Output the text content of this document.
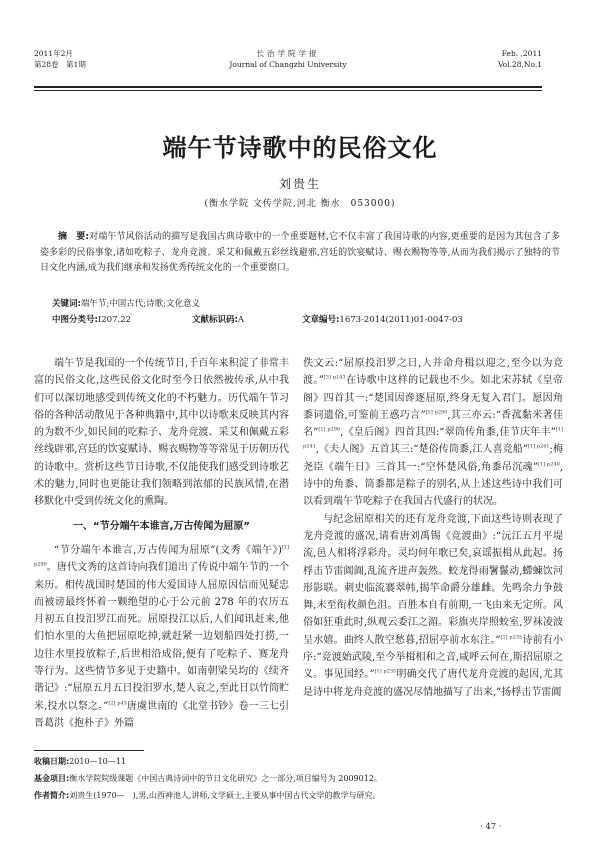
2011年2月
第28卷　第1期
长治学院学报
Journal of Changzhi University
Feb. ,2011
Vol.28,No.1
端午节诗歌中的民俗文化
刘贵生
(衡水学院 文传学院,河北 衡水　053000)
摘　要:对端午节风俗活动的描写是我国古典诗歌中的一个重要题材,它不仅丰富了我国诗歌的内容,更重要的是因为其包含了多姿多彩的民俗事象,诸如吃粽子、龙舟竞渡、采艾和佩戴五彩丝线避邪,宫廷的饮宴赋诗、赐衣赐物等等,从而为我们揭示了独特的节日文化内涵,成为我们继承和发扬优秀传统文化的一个重要窗口。
关键词:端午节;中国古代;诗歌;文化意义
中图分类号:I207.22	文献标识码:A	文章编号:1673-2014(2011)01-0047-03

端午节是我国的一个传统节日,千百年来积淀了非常丰富的民俗文化,这些民俗文化时至今日依然被传承,从中我们可以深切地感受到传统文化的不朽魅力。历代端午节习俗的各种活动散见于各种典籍中,其中以诗歌来反映其内容的为数不少,如民间的吃粽子、龙舟竞渡、采艾和佩戴五彩丝线辟邪,宫廷的饮宴赋诗、赐衣赐物等等常见于历朝历代的诗歌中。赏析这些节日诗歌,不仅能使我们感受到诗歌艺术的魅力,同时也更能让我们领略到浓郁的民族风情,在潜移默化中受到传统文化的熏陶。

一、“节分端午本谁言,万古传闻为屈原”

“节分端午本谁言,万古传闻为屈原”(文秀《端午》)$^{[1] p290}$。唐代文秀的这首诗向我们道出了传说中端午节的一个来历。相传战国时楚国的伟大爱国诗人屈原因信而见疑忠而被谤最终怀着一颗绝望的心于公元前 278 年的农历五月初五自投汨罗江而死。屈原投江以后,人们闻讯赶来,他们怕水里的大鱼把屈原吃掉,就赶紧一边划船四处打捞,一边往水里投放粽子,后世相沿成俗,便有了吃粽子、赛龙舟等行为。这些情节多见于史籍中。如南朝梁吴均的《续齐谐记》:“屈原五月五日投汨罗水,楚人哀之,至此日以竹筒贮米,投水以祭之。”$^{[2] p43}$唐虞世南的《北堂书钞》卷一三七引晋葛洪《抱朴子》外篇

佚文云:“屈原投汨罗之日,人并命舟楫以迎之,至今以为竞渡。”$^{[3] p143}$在诗歌中这样的记载也不少。如北宋苏轼《皇帝阁》四首其一:“楚国因谗逐屈原,终身无复入君门。愿因角黍词遗俗,可鉴前王惑巧言”$^{[1] p290}$,其三亦云:“香菰黏米著佳名”$^{[1] p290}$,《皇后阁》四首其四:“翠筒传角黍,佳节庆年丰”$^{[1] p241}$,《夫人阁》五首其三:“楚俗传筒黍,江人喜竞船”$^{[1] p241}$;梅尧臣《端午日》三首其一:“空怀楚风俗,角黍吊沉魂”$^{[1] p240}$,诗中的角黍、筒黍都是粽子的别名,从上述这些诗中我们可以看到端午节吃粽子在我国古代盛行的状况。

与纪念屈原相关的还有龙舟竞渡,下面这些诗则表现了龙舟竞渡的盛况,请看唐刘禹锡《竞渡曲》:“沅江五月平堤流,邑人相将浮彩舟。灵均何年歌已矣,哀谣振楫从此起。扬桴击节雷阗阗,乱流齐进声轰然。蛟龙得雨鬐鬣动,螮蝀饮河形影联。刺史临流褰翠帏,揭竿命爵分雄雌。先鸣余力争鼓舞,未至衔枚颜色沮。百胜本自有前期,一飞由来无定所。风俗如狂重此时,纵观云委江之湄。彩旗夹岸照蛟室,罗袜凌波呈水嬉。曲终人散空愁暮,招屈亭前水东注。”$^{[1] p235}$诗前有小序:“竞渡始武陵,至今举楫相和之音,咸呼云何在,斯招屈原之义。事见国经。”$^{[1] p235}$明确交代了唐代龙舟竞渡的起因,尤其是诗中将龙舟竞渡的盛况尽情地描写了出来,“扬桴击节雷阗

收稿日期:2010—10—11
基金项目:衡水学院院级课题《中国古典诗词中的节日文化研究》之一部分,项目编号为 2009012。
作者简介:刘贵生(1970—　),男,山西神池人,讲师,文学硕士,主要从事中国古代文学的教学与研究。
· 47 ·
